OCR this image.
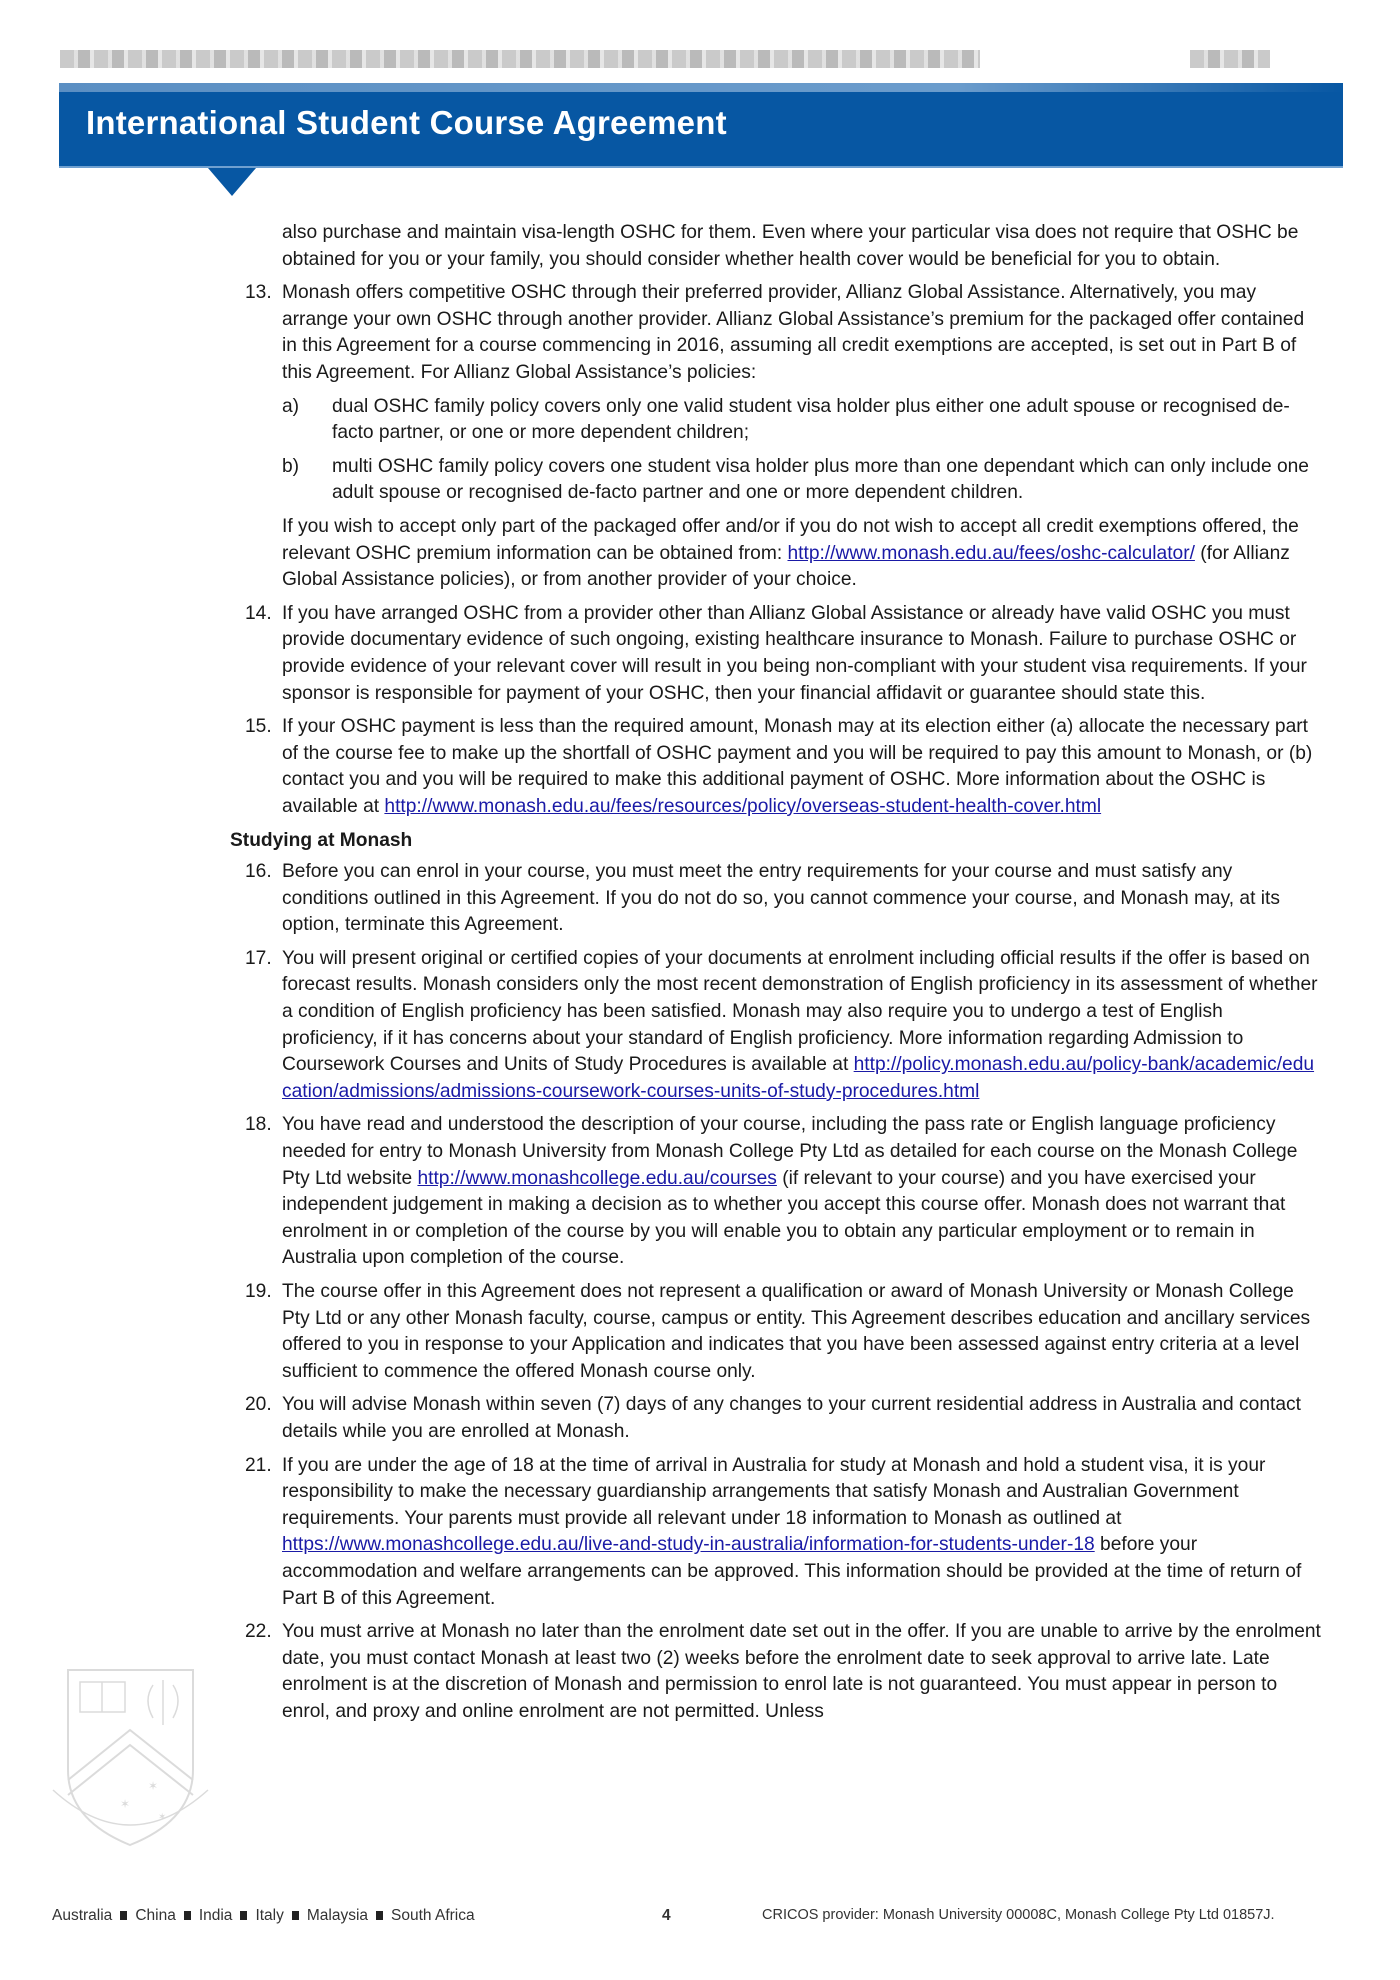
International Student Course Agreement
✶
✶
✶

also purchase and maintain visa-length OSHC for them. Even where your particular visa does not require that OSHC be obtained for you or your family, you should consider whether health cover would be beneficial for you to obtain.

13. Monash offers competitive OSHC through their preferred provider, Allianz Global Assistance. Alternatively, you may arrange your own OSHC through another provider. Allianz Global Assistance’s premium for the packaged offer contained in this Agreement for a course commencing in 2016, assuming all credit exemptions are accepted, is set out in Part B of this Agreement. For Allianz Global Assistance’s policies:
a) dual OSHC family policy covers only one valid student visa holder plus either one adult spouse or recognised de-facto partner, or one or more dependent children;
b) multi OSHC family policy covers one student visa holder plus more than one dependant which can only include one adult spouse or recognised de-facto partner and one or more dependent children.

If you wish to accept only part of the packaged offer and/or if you do not wish to accept all credit exemptions offered, the relevant OSHC premium information can be obtained from: http://www.monash.edu.au/fees/oshc-calculator/ (for Allianz Global Assistance policies), or from another provider of your choice.

14. If you have arranged OSHC from a provider other than Allianz Global Assistance or already have valid OSHC you must provide documentary evidence of such ongoing, existing healthcare insurance to Monash. Failure to purchase OSHC or provide evidence of your relevant cover will result in you being non-compliant with your student visa requirements. If your sponsor is responsible for payment of your OSHC, then your financial affidavit or guarantee should state this.
15. If your OSHC payment is less than the required amount, Monash may at its election either (a) allocate the necessary part of the course fee to make up the shortfall of OSHC payment and you will be required to pay this amount to Monash, or (b) contact you and you will be required to make this additional payment of OSHC. More information about the OSHC is available at http://www.monash.edu.au/fees/resources/policy/overseas-student-health-cover.html
Studying at Monash
16. Before you can enrol in your course, you must meet the entry requirements for your course and must satisfy any conditions outlined in this Agreement. If you do not do so, you cannot commence your course, and Monash may, at its option, terminate this Agreement.
17. You will present original or certified copies of your documents at enrolment including official results if the offer is based on forecast results. Monash considers only the most recent demonstration of English proficiency in its assessment of whether a condition of English proficiency has been satisfied. Monash may also require you to undergo a test of English proficiency, if it has concerns about your standard of English proficiency. More information regarding Admission to Coursework Courses and Units of Study Procedures is available at http://policy.monash.edu.au/policy-bank/academic/education/admissions/admissions-coursework-courses-units-of-study-procedures.html
18. You have read and understood the description of your course, including the pass rate or English language proficiency needed for entry to Monash University from Monash College Pty Ltd as detailed for each course on the Monash College Pty Ltd website http://www.monashcollege.edu.au/courses (if relevant to your course) and you have exercised your independent judgement in making a decision as to whether you accept this course offer. Monash does not warrant that enrolment in or completion of the course by you will enable you to obtain any particular employment or to remain in Australia upon completion of the course.
19. The course offer in this Agreement does not represent a qualification or award of Monash University or Monash College Pty Ltd or any other Monash faculty, course, campus or entity. This Agreement describes education and ancillary services offered to you in response to your Application and indicates that you have been assessed against entry criteria at a level sufficient to commence the offered Monash course only.
20. You will advise Monash within seven (7) days of any changes to your current residential address in Australia and contact details while you are enrolled at Monash.
21. If you are under the age of 18 at the time of arrival in Australia for study at Monash and hold a student visa, it is your responsibility to make the necessary guardianship arrangements that satisfy Monash and Australian Government requirements. Your parents must provide all relevant under 18 information to Monash as outlined at https://www.monashcollege.edu.au/live-and-study-in-australia/information-for-students-under-18 before your accommodation and welfare arrangements can be approved. This information should be provided at the time of return of Part B of this Agreement.
22. You must arrive at Monash no later than the enrolment date set out in the offer. If you are unable to arrive by the enrolment date, you must contact Monash at least two (2) weeks before the enrolment date to seek approval to arrive late. Late enrolment is at the discretion of Monash and permission to enrol late is not guaranteed. You must appear in person to enrol, and proxy and online enrolment are not permitted. Unless
Australia China India Italy Malaysia South Africa	4	CRICOS provider: Monash University 00008C, Monash College Pty Ltd 01857J.
